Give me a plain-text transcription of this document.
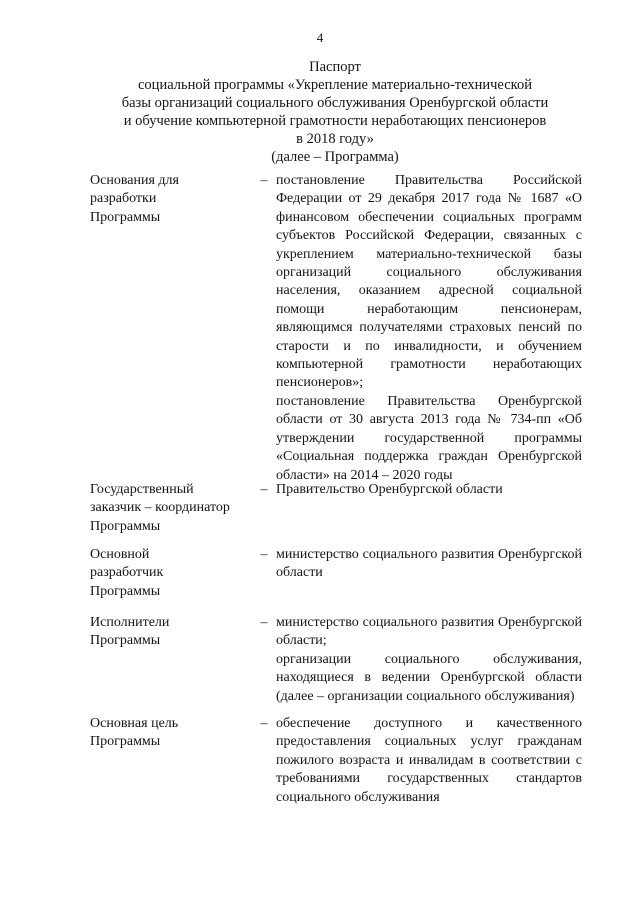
4
Паспорт
социальной программы «Укрепление материально-технической
базы организаций социального обслуживания Оренбургской области
и обучение компьютерной грамотности неработающих пенсионеров
в 2018 году»
(далее – Программа)
Основания для
разработки
Программы
– постановление Правительства Российской Федерации от 29 декабря 2017 года № 1687 «О финансовом обеспечении социальных программ субъектов Российской Федерации, связанных с укреплением материально-технической базы организаций социального обслуживания населения, оказанием адресной социальной помощи неработающим пенсионерам, являющимся получателями страховых пенсий по старости и по инвалидности, и обучением компьютерной грамотности неработающих пенсионеров»;
постановление Правительства Оренбургской области от 30 августа 2013 года № 734-пп «Об утверждении государственной программы «Социальная поддержка граждан Оренбургской области» на 2014 – 2020 годы
Государственный
заказчик – координатор
Программы
– Правительство Оренбургской области
Основной
разработчик
Программы
– министерство социального развития Оренбургской области
Исполнители
Программы
– министерство социального развития Оренбургской области;
организации социального обслуживания, находящиеся в ведении Оренбургской области (далее – организации социального обслуживания)
Основная цель
Программы
– обеспечение доступного и качественного предоставления социальных услуг гражданам пожилого возраста и инвалидам в соответствии с требованиями государственных стандартов социального обслуживания
